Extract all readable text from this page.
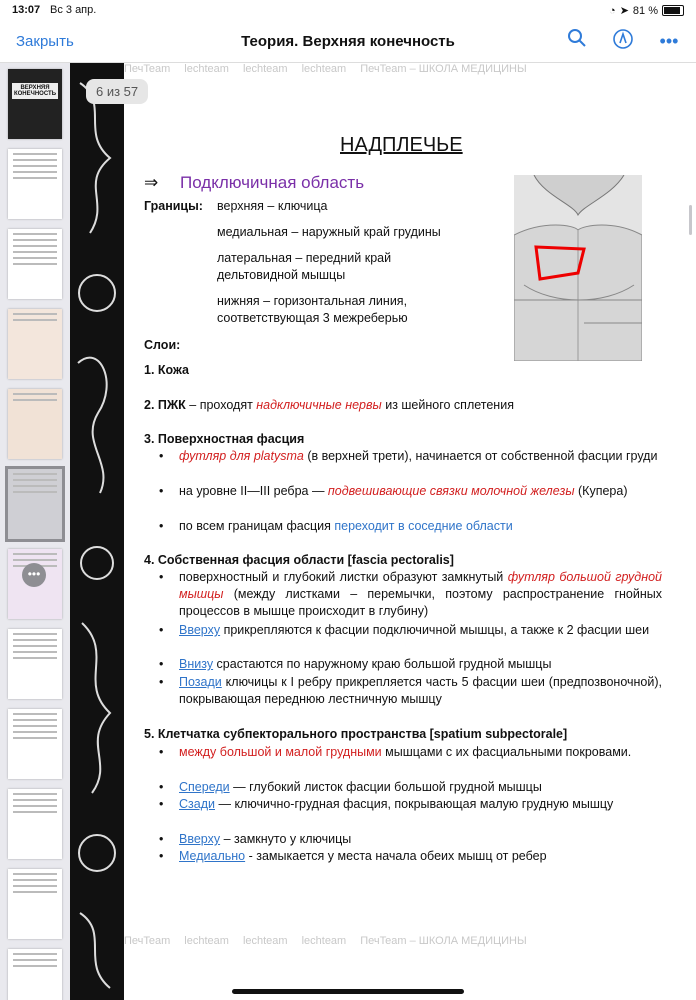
13:07 Вс 3 апр.	◔ ➤ 81 %
Закрыть	Теория. Верхняя конечность	•••
ВЕРХНЯЯ КОНЕЧНОСТЬ
•••
ПечTeam lechteam lechteam lechteam ПечTeam – ШКОЛА МЕДИЦИНЫ
6 из 57
НАДПЛЕЧЬЕ
⇒ Подключичная область
Границы: верхняя – ключица
медиальная – наружный край грудины
латеральная – передний край
дельтовидной мышцы
нижняя – горизонтальная линия,
соответствующая 3 межреберью
Слои:
1. Кожа
2. ПЖК – проходят надключичные нервы из шейного сплетения
3. Поверхностная фасция
• футляр для platysma (в верхней трети), начинается от собственной фасции груди
• на уровне II—III ребра — подвешивающие связки молочной железы (Купера)
• по всем границам фасция переходит в соседние области
4. Собственная фасция области [fascia pectoralis]
• поверхностный и глубокий листки образуют замкнутый футляр большой грудной мышцы (между листками – перемычки, поэтому распространение гнойных процессов в мышце происходит в глубину)
• Вверху прикрепляются к фасции подключичной мышцы, а также к 2 фасции шеи
• Внизу срастаются по наружному краю большой грудной мышцы
• Позади ключицы к I ребру прикрепляется часть 5 фасции шеи (предпозвоночной), покрывающая переднюю лестничную мышцу
5. Клетчатка субпекторального пространства [spatium subpectorale]
• между большой и малой грудными мышцами с их фасциальными покровами.
• Спереди — глубокий листок фасции большой грудной мышцы
• Сзади — ключично-грудная фасция, покрывающая малую грудную мышцу
• Вверху – замкнуто у ключицы
• Медиально - замыкается у места начала обеих мышц от ребер
ПечTeam lechteam lechteam lechteam ПечTeam – ШКОЛА МЕДИЦИНЫ
